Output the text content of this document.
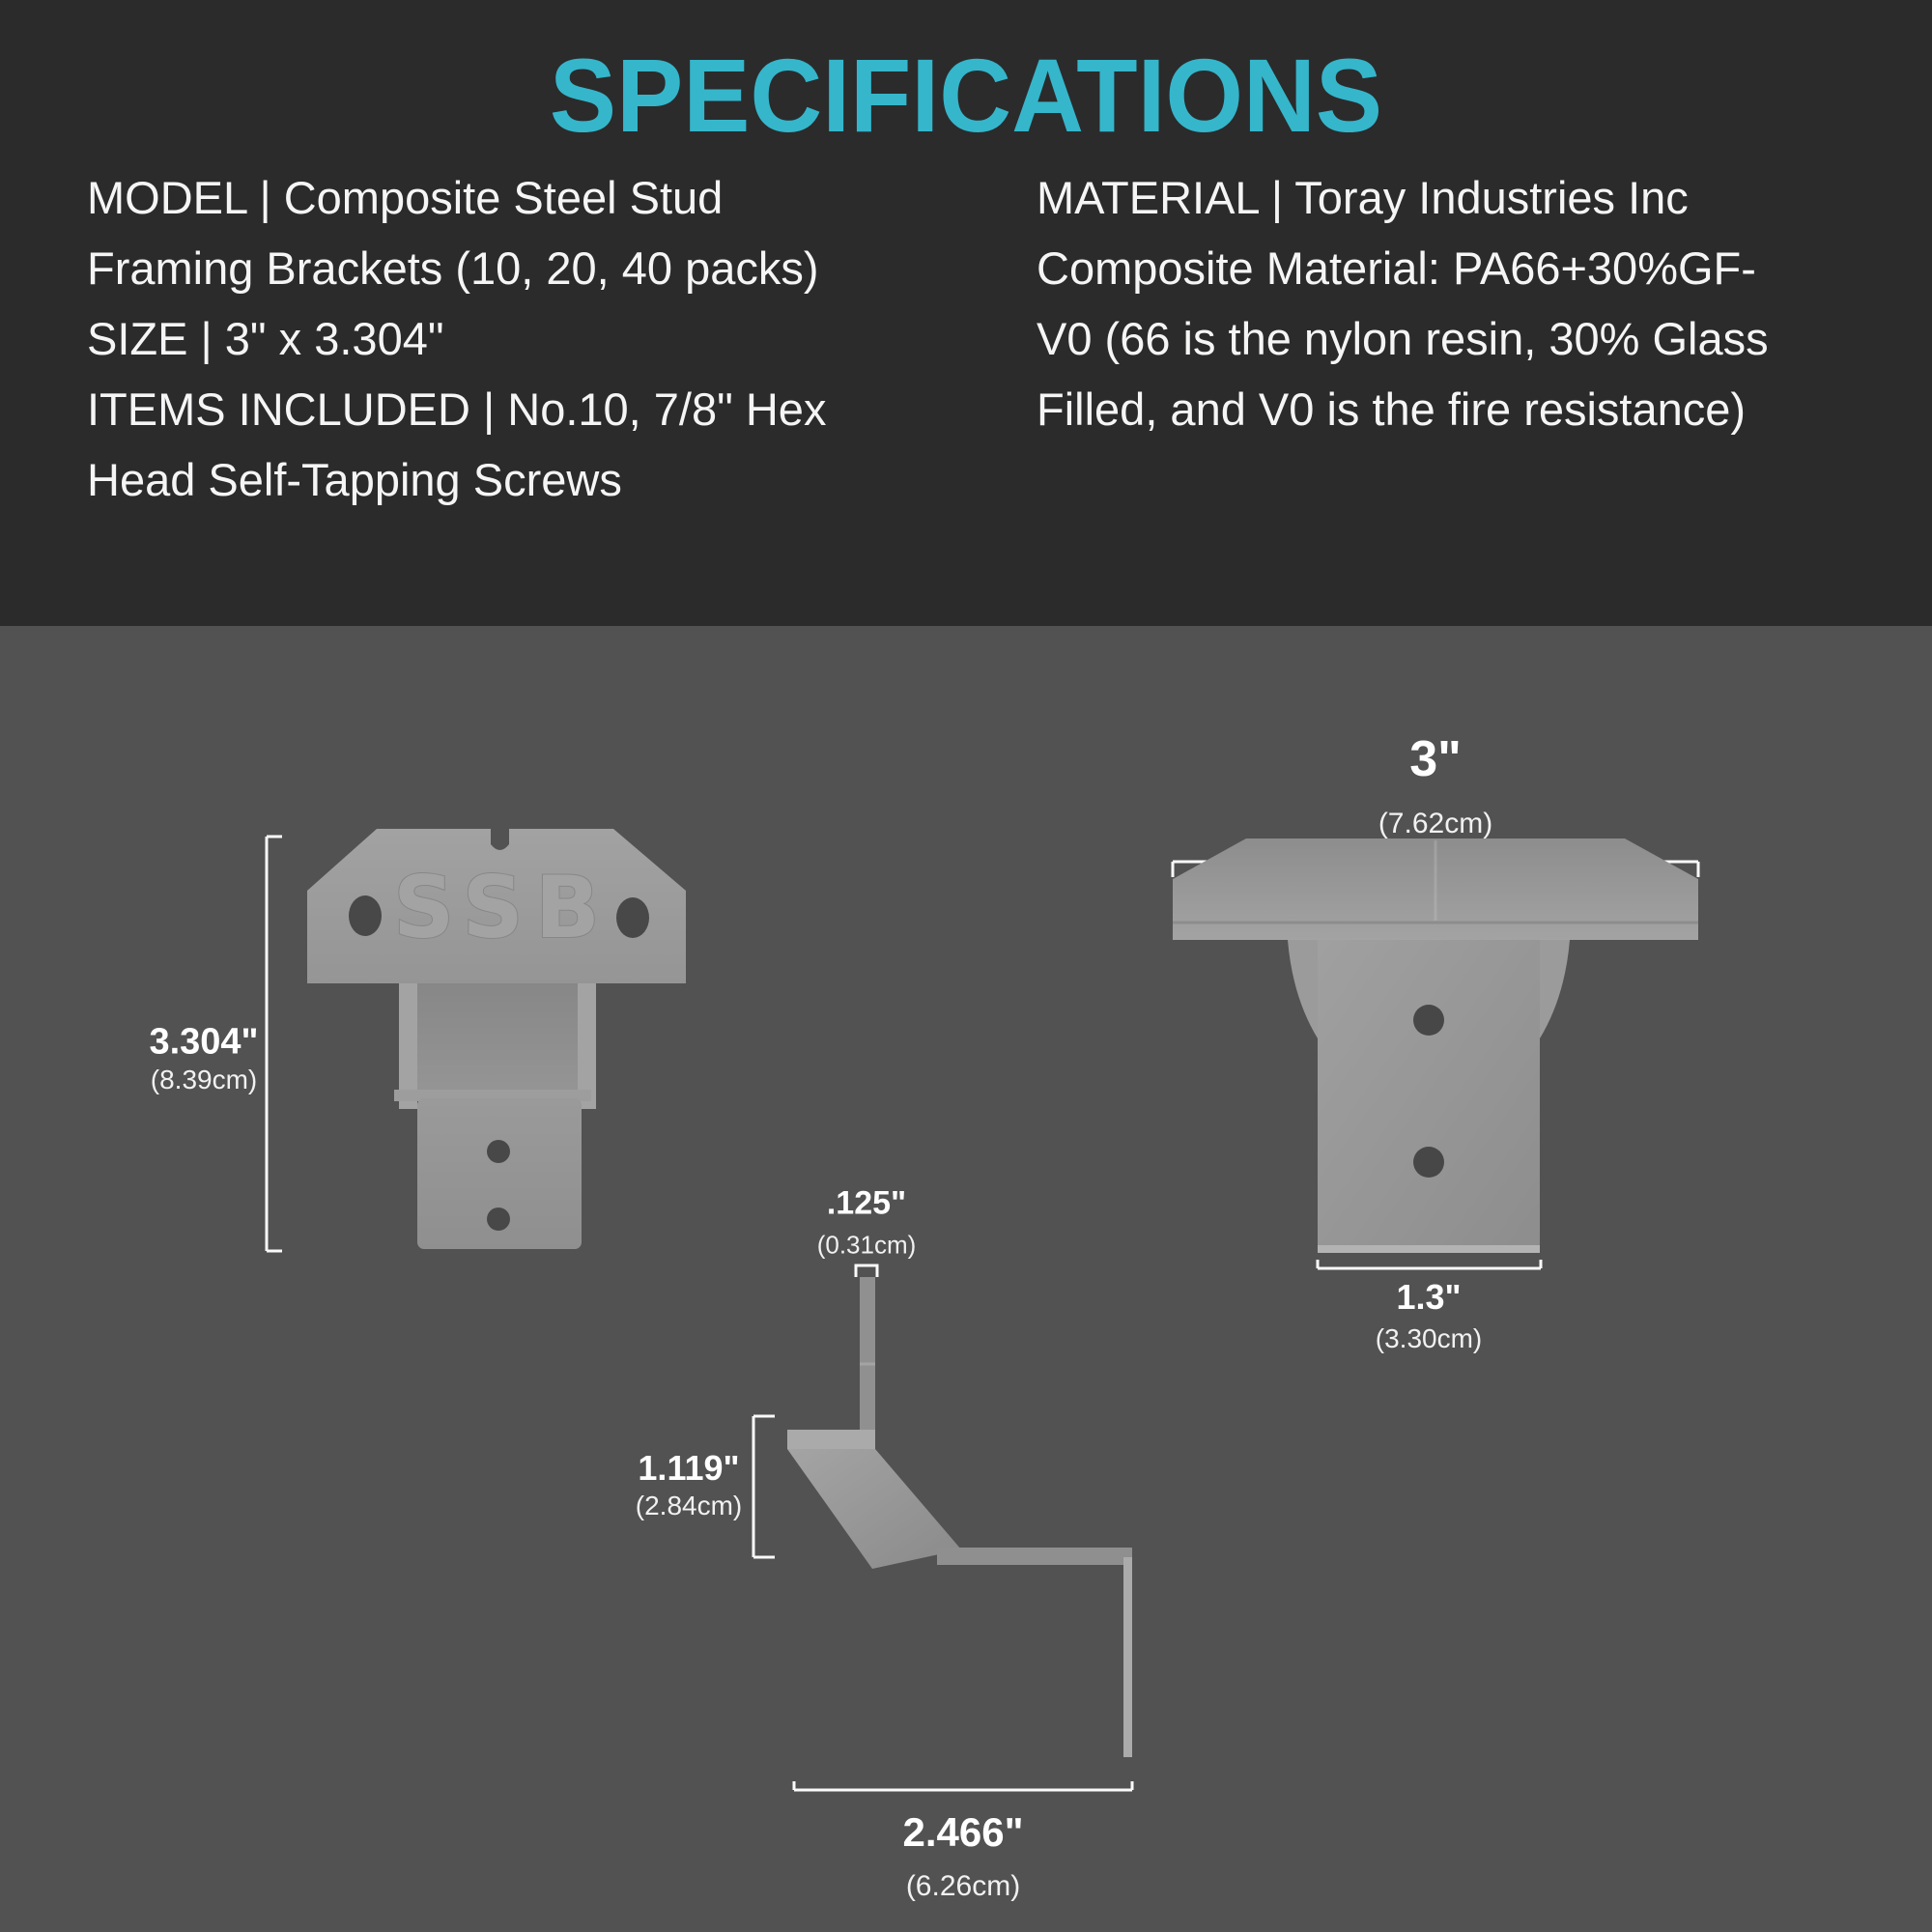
SPECIFICATIONS
MODEL | Composite Steel Stud
Framing Brackets (10, 20, 40 packs)
SIZE | 3" x 3.304"
ITEMS INCLUDED | No.10, 7/8" Hex
Head Self-Tapping Screws
MATERIAL | Toray Industries Inc
Composite Material: PA66+30%GF-
V0 (66 is the nylon resin, 30% Glass
Filled, and V0 is the fire resistance)
SSB
3.304"
(8.39cm)
3"
(7.62cm)
1.3"
(3.30cm)
.125"
(0.31cm)
1.119"
(2.84cm)
2.466"
(6.26cm)
